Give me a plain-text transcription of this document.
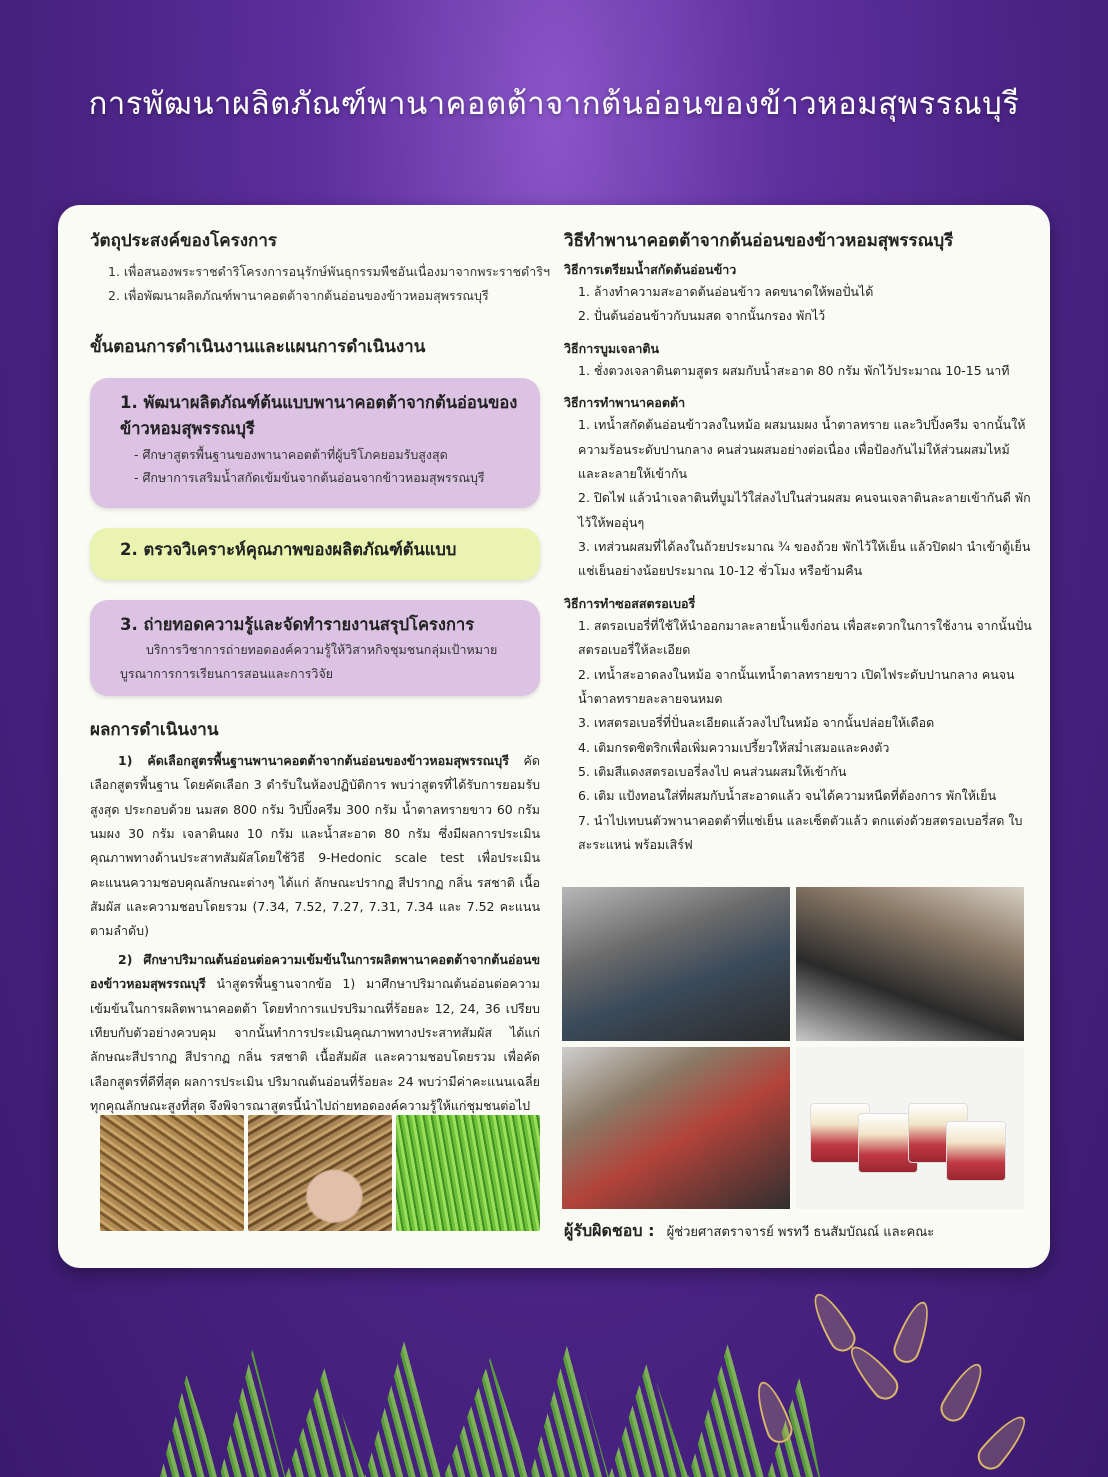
การพัฒนาผลิตภัณฑ์พานาคอตต้าจากต้นอ่อนของข้าวหอมสุพรรณบุรี
วัตถุประสงค์ของโครงการ
1. เพื่อสนองพระราชดำริโครงการอนุรักษ์พันธุกรรมพืชอันเนื่องมาจากพระราชดำริฯ
2. เพื่อพัฒนาผลิตภัณฑ์พานาคอตต้าจากต้นอ่อนของข้าวหอมสุพรรณบุรี
ขั้นตอนการดำเนินงานและแผนการดำเนินงาน
1. พัฒนาผลิตภัณฑ์ต้นแบบพานาคอตต้าจากต้นอ่อนของข้าวหอมสุพรรณบุรี
- ศึกษาสูตรพื้นฐานของพานาคอตต้าที่ผู้บริโภคยอมรับสูงสุด
- ศึกษาการเสริมน้ำสกัดเข้มข้นจากต้นอ่อนจากข้าวหอมสุพรรณบุรี
2. ตรวจวิเคราะห์คุณภาพของผลิตภัณฑ์ต้นแบบ
3. ถ่ายทอดความรู้และจัดทำรายงานสรุปโครงการ
บริการวิชาการถ่ายทอดองค์ความรู้ให้วิสาหกิจชุมชนกลุ่มเป้าหมาย
บูรณาการการเรียนการสอนและการวิจัย
ผลการดำเนินงาน
1) คัดเลือกสูตรพื้นฐานพานาคอตต้าจากต้นอ่อนของข้าวหอมสุพรรณบุรี คัดเลือกสูตรพื้นฐาน โดยคัดเลือก 3 ตำรับในห้องปฏิบัติการ พบว่าสูตรที่ได้รับการยอมรับสูงสุด ประกอบด้วย นมสด 800 กรัม วิปปิ้งครีม 300 กรัม น้ำตาลทรายขาว 60 กรัม นมผง 30 กรัม เจลาตินผง 10 กรัม และน้ำสะอาด 80 กรัม ซึ่งมีผลการประเมินคุณภาพทางด้านประสาทสัมผัสโดยใช้วิธี 9-Hedonic scale test เพื่อประเมินคะแนนความชอบคุณลักษณะต่างๆ ได้แก่ ลักษณะปรากฏ สีปรากฏ กลิ่น รสชาติ เนื้อสัมผัส และความชอบโดยรวม (7.34, 7.52, 7.27, 7.31, 7.34 และ 7.52 คะแนน ตามลำดับ)
2) ศึกษาปริมาณต้นอ่อนต่อความเข้มข้นในการผลิตพานาคอตต้าจากต้นอ่อนของข้าวหอมสุพรรณบุรี นำสูตรพื้นฐานจากข้อ 1) มาศึกษาปริมาณต้นอ่อนต่อความเข้มข้นในการผลิตพานาคอตต้า โดยทำการแปรปริมาณที่ร้อยละ 12, 24, 36 เปรียบเทียบกับตัวอย่างควบคุม จากนั้นทำการประเมินคุณภาพทางประสาทสัมผัส ได้แก่ ลักษณะสีปรากฏ สีปรากฏ กลิ่น รสชาติ เนื้อสัมผัส และความชอบโดยรวม เพื่อคัดเลือกสูตรที่ดีที่สุด ผลการประเมิน ปริมาณต้นอ่อนที่ร้อยละ 24 พบว่ามีค่าคะแนนเฉลี่ยทุกคุณลักษณะสูงที่สุด จึงพิจารณาสูตรนี้นำไปถ่ายทอดองค์ความรู้ให้แก่ชุมชนต่อไป
วิธีทำพานาคอตต้าจากต้นอ่อนของข้าวหอมสุพรรณบุรี
วิธีการเตรียมน้ำสกัดต้นอ่อนข้าว
1. ล้างทำความสะอาดต้นอ่อนข้าว ลดขนาดให้พอปั่นได้
2. ปั่นต้นอ่อนข้าวกับนมสด จากนั้นกรอง พักไว้
วิธีการบูมเจลาติน
1. ชั่งตวงเจลาตินตามสูตร ผสมกับน้ำสะอาด 80 กรัม พักไว้ประมาณ 10-15 นาที
วิธีการทำพานาคอตต้า
1. เทน้ำสกัดต้นอ่อนข้าวลงในหม้อ ผสมนมผง น้ำตาลทราย และวิปปิ้งครีม จากนั้นให้ความร้อนระดับปานกลาง คนส่วนผสมอย่างต่อเนื่อง เพื่อป้องกันไม่ให้ส่วนผสมไหม้ และละลายให้เข้ากัน
2. ปิดไฟ แล้วนำเจลาตินที่บูมไว้ใส่ลงไปในส่วนผสม คนจนเจลาตินละลายเข้ากันดี พักไว้ให้พออุ่นๆ
3. เทส่วนผสมที่ได้ลงในถ้วยประมาณ ¾ ของถ้วย พักไว้ให้เย็น แล้วปิดฝา นำเข้าตู้เย็น แช่เย็นอย่างน้อยประมาณ 10-12 ชั่วโมง หรือข้ามคืน
วิธีการทำซอสสตรอเบอรี่
1. สตรอเบอรี่ที่ใช้ให้นำออกมาละลายน้ำแข็งก่อน เพื่อสะดวกในการใช้งาน จากนั้นปั่นสตรอเบอรี่ให้ละเอียด
2. เทน้ำสะอาดลงในหม้อ จากนั้นเทน้ำตาลทรายขาว เปิดไฟระดับปานกลาง คนจนน้ำตาลทรายละลายจนหมด
3. เทสตรอเบอรี่ที่ปั่นละเอียดแล้วลงไปในหม้อ จากนั้นปล่อยให้เดือด
4. เติมกรดซิตริกเพื่อเพิ่มความเปรี้ยวให้สม่ำเสมอและคงตัว
5. เติมสีแดงสตรอเบอรี่ลงไป คนส่วนผสมให้เข้ากัน
6. เติม แป้งทอนใส่ที่ผสมกับน้ำสะอาดแล้ว จนได้ความหนืดที่ต้องการ พักให้เย็น
7. นำไปเทบนตัวพานาคอตต้าที่แช่เย็น และเซ็ตตัวแล้ว ตกแต่งด้วยสตรอเบอรี่สด ใบสะระแหน่ พร้อมเสิร์ฟ
ผู้รับผิดชอบ : ผู้ช่วยศาสตราจารย์ พรทวี ธนสัมบัณณ์ และคณะ
